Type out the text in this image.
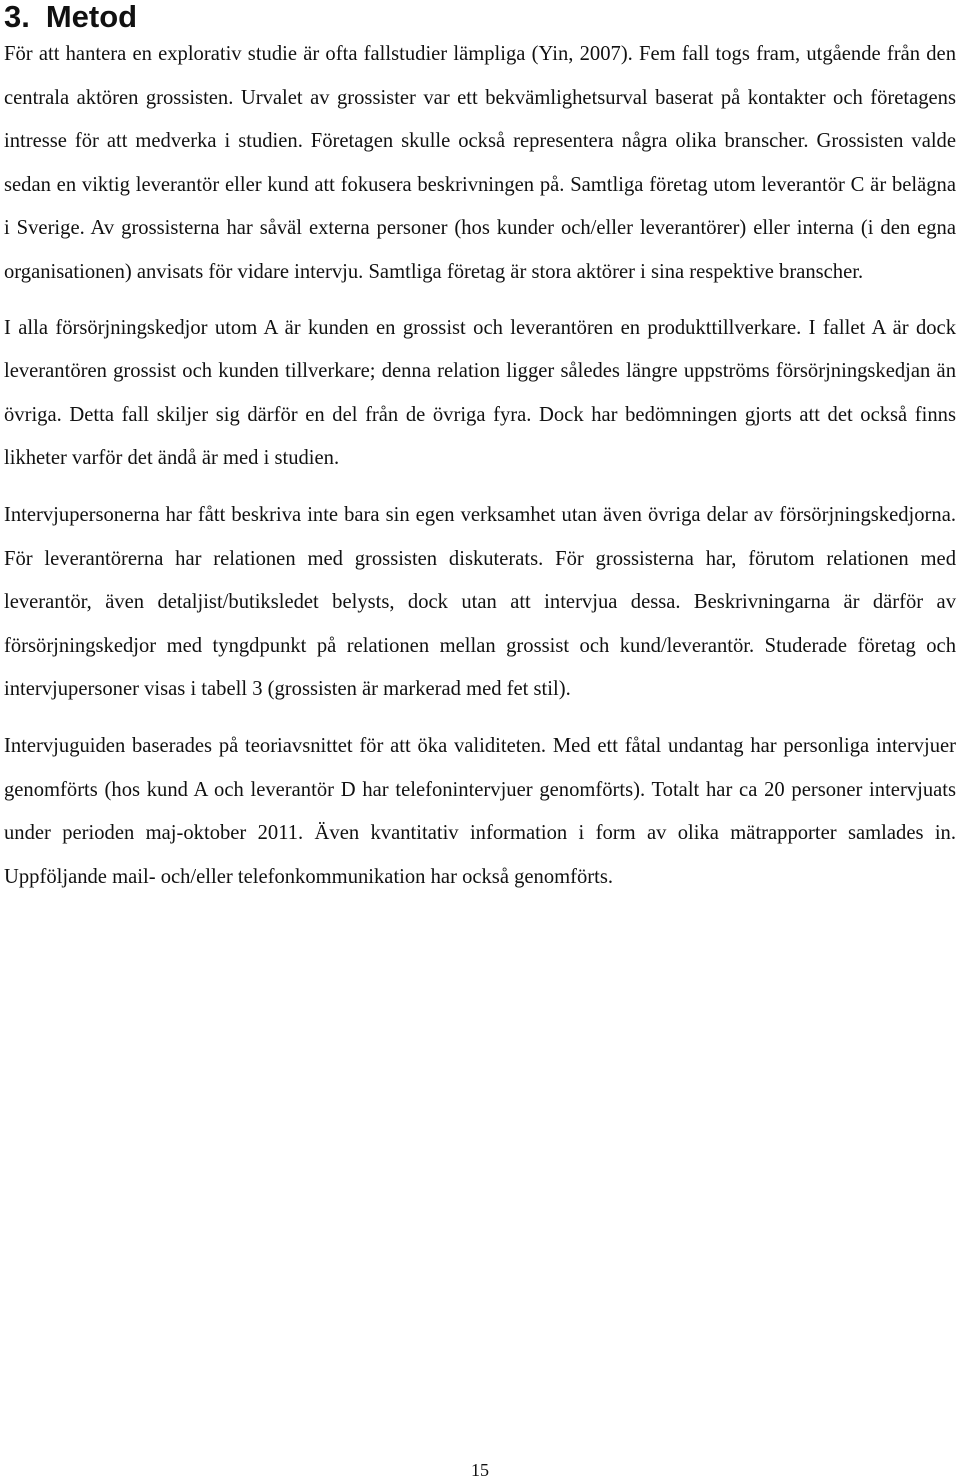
3. Metod

För att hantera en explorativ studie är ofta fallstudier lämpliga (Yin, 2007). Fem fall togs fram, utgående från den centrala aktören grossisten. Urvalet av grossister var ett bekvämlighetsurval baserat på kontakter och företagens intresse för att medverka i studien. Företagen skulle också representera några olika branscher. Grossisten valde sedan en viktig leverantör eller kund att fokusera beskrivningen på. Samtliga företag utom leverantör C är belägna i Sverige. Av grossisterna har såväl externa personer (hos kunder och/eller leverantörer) eller interna (i den egna organisationen) anvisats för vidare intervju. Samtliga företag är stora aktörer i sina respektive branscher.

I alla försörjningskedjor utom A är kunden en grossist och leverantören en produkttillverkare. I fallet A är dock leverantören grossist och kunden tillverkare; denna relation ligger således längre uppströms försörjningskedjan än övriga. Detta fall skiljer sig därför en del från de övriga fyra. Dock har bedömningen gjorts att det också finns likheter varför det ändå är med i studien.

Intervjupersonerna har fått beskriva inte bara sin egen verksamhet utan även övriga delar av försörjningskedjorna. För leverantörerna har relationen med grossisten diskuterats. För grossisterna har, förutom relationen med leverantör, även detaljist/butiksledet belysts, dock utan att intervjua dessa. Beskrivningarna är därför av försörjningskedjor med tyngdpunkt på relationen mellan grossist och kund/leverantör. Studerade företag och intervjupersoner visas i tabell 3 (grossisten är markerad med fet stil).

Intervjuguiden baserades på teoriavsnittet för att öka validiteten. Med ett fåtal undantag har personliga intervjuer genomförts (hos kund A och leverantör D har telefonintervjuer genomförts). Totalt har ca 20 personer intervjuats under perioden maj-oktober 2011. Även kvantitativ information i form av olika mätrapporter samlades in. Uppföljande mail- och/eller telefonkommunikation har också genomförts.

15
